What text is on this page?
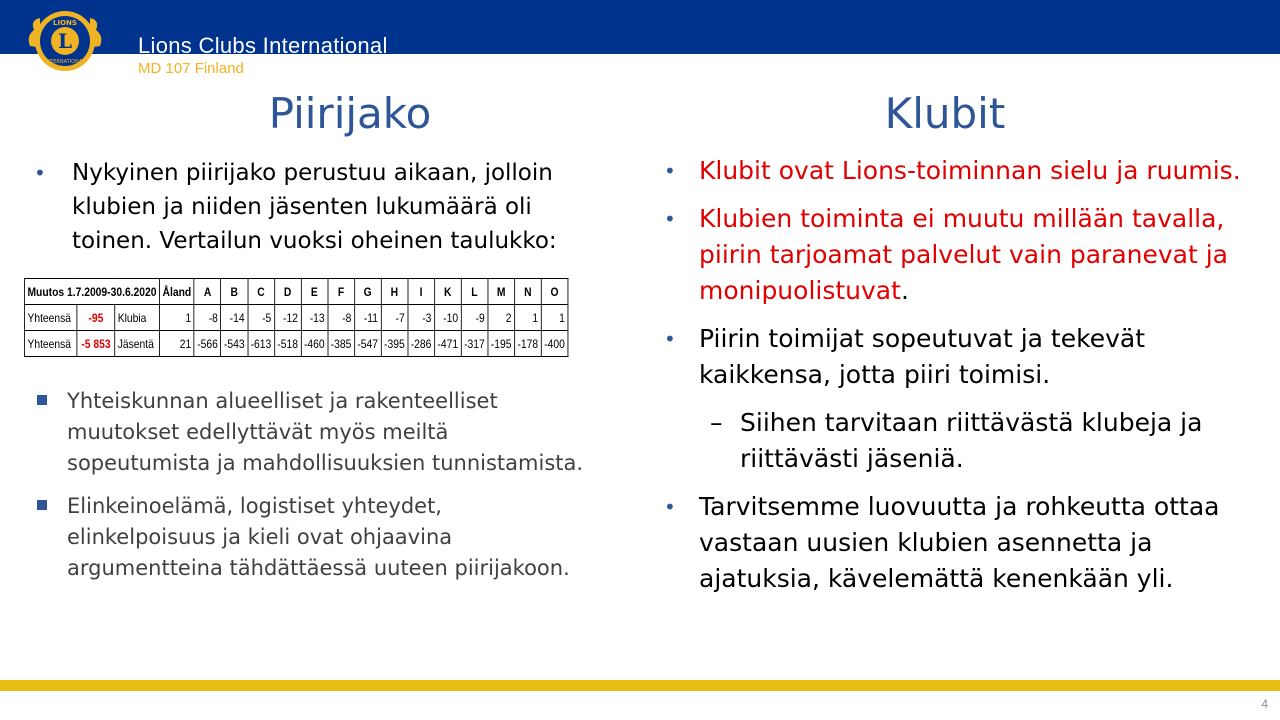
L
LIONS
INTERNATIONAL
Lions Clubs International
MD 107 Finland
Piirijako	Klubit
•	Nykyinen piirijako perustuu aikaan, jolloin klubien ja niiden jäsenten lukumäärä oli toinen. Vertailun vuoksi oheinen taulukko:
Muutos 1.7.2009-30.6.2020			Åland	A	B	C	D	E	F	G	H	I	K	L	M	N	O
Yhteensä	-95	Klubia	1	-8	-14	-5	-12	-13	-8	-11	-7	-3	-10	-9	2	1	1
Yhteensä	-5 853	Jäsentä	21	-566	-543	-613	-518	-460	-385	-547	-395	-286	-471	-317	-195	-178	-400
Yhteiskunnan alueelliset ja rakenteelliset muutokset edellyttävät myös meiltä sopeutumista ja mahdollisuuksien tunnistamista.
Elinkeinoelämä, logistiset yhteydet, elinkelpoisuus ja kieli ovat ohjaavina argumentteina tähdättäessä uuteen piirijakoon.
• Klubit ovat Lions-toiminnan sielu ja ruumis.
• Klubien toiminta ei muutu millään tavalla, piirin tarjoamat palvelut vain paranevat ja monipuolistuvat.
• Piirin toimijat sopeutuvat ja tekevät kaikkensa, jotta piiri toimisi.
– Siihen tarvitaan riittävästä klubeja ja riittävästi jäseniä.
• Tarvitsemme luovuutta ja rohkeutta ottaa vastaan uusien klubien asennetta ja ajatuksia, kävelemättä kenenkään yli.
4
